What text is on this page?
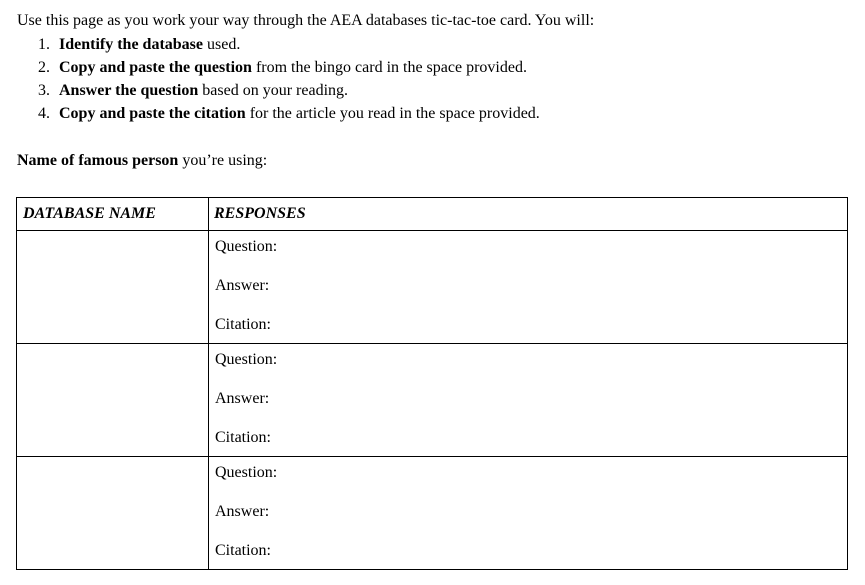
Use this page as you work your way through the AEA databases tic-tac-toe card. You will:

1. Identify the database used.
2. Copy and paste the question from the bingo card in the space provided.
3. Answer the question based on your reading.
4. Copy and paste the citation for the article you read in the space provided.

Name of famous person you’re using:

DATABASE NAME	RESPONSES

	Question:
Answer:
Citation:

	Question:
Answer:
Citation:

	Question:
Answer:
Citation:
